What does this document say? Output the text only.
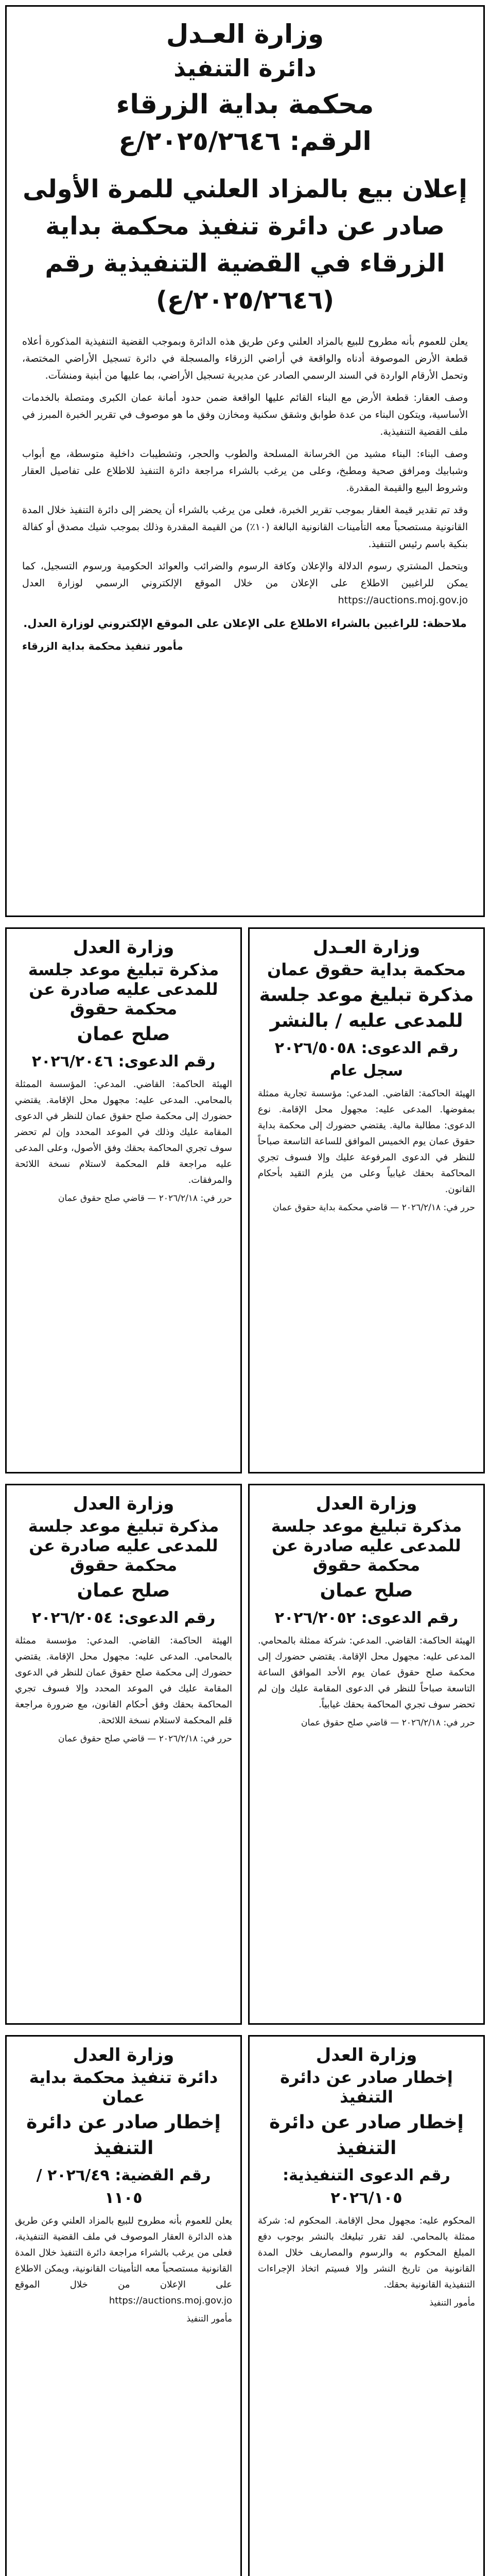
وزارة العـدل
دائرة التنفيذ
محكمة بداية الزرقاء
الرقم: ٢٠٢٥/٢٦٤٦/ع
إعلان بيع بالمزاد العلني للمرة الأولى صادر عن دائرة تنفيذ محكمة بداية الزرقاء في القضية التنفيذية رقم (٢٠٢٥/٢٦٤٦/ع)

يعلن للعموم بأنه مطروح للبيع بالمزاد العلني وعن طريق هذه الدائرة وبموجب القضية التنفيذية المذكورة أعلاه قطعة الأرض الموصوفة أدناه والواقعة في أراضي الزرقاء والمسجلة في دائرة تسجيل الأراضي المختصة، وتحمل الأرقام الواردة في السند الرسمي الصادر عن مديرية تسجيل الأراضي، بما عليها من أبنية ومنشآت.

وصف العقار: قطعة الأرض مع البناء القائم عليها الواقعة ضمن حدود أمانة عمان الكبرى ومتصلة بالخدمات الأساسية، ويتكون البناء من عدة طوابق وشقق سكنية ومخازن وفق ما هو موصوف في تقرير الخبرة المبرز في ملف القضية التنفيذية.

وصف البناء: البناء مشيد من الخرسانة المسلحة والطوب والحجر، وتشطيبات داخلية متوسطة، مع أبواب وشبابيك ومرافق صحية ومطبخ، وعلى من يرغب بالشراء مراجعة دائرة التنفيذ للاطلاع على تفاصيل العقار وشروط البيع والقيمة المقدرة.

وقد تم تقدير قيمة العقار بموجب تقرير الخبرة، فعلى من يرغب بالشراء أن يحضر إلى دائرة التنفيذ خلال المدة القانونية مستصحباً معه التأمينات القانونية البالغة (١٠٪) من القيمة المقدرة وذلك بموجب شيك مصدق أو كفالة بنكية باسم رئيس التنفيذ.

ويتحمل المشتري رسوم الدلالة والإعلان وكافة الرسوم والضرائب والعوائد الحكومية ورسوم التسجيل، كما يمكن للراغبين الاطلاع على الإعلان من خلال الموقع الإلكتروني الرسمي لوزارة العدل https://auctions.moj.gov.jo

ملاحظة: للراغبين بالشراء الاطلاع على الإعلان على الموقع الإلكتروني لوزارة العدل.

مأمور تنفيذ محكمة بداية الزرقاء

وزارة العـدل
محكمة بداية حقوق عمان
مذكرة تبليغ موعد جلسة للمدعى عليه / بالنشر
رقم الدعوى: ٢٠٢٦/٥٠٥٨ سجل عام

الهيئة الحاكمة: القاضي. المدعي: مؤسسة تجارية ممثلة بمفوضها. المدعى عليه: مجهول محل الإقامة. نوع الدعوى: مطالبة مالية. يقتضي حضورك إلى محكمة بداية حقوق عمان يوم الخميس الموافق للساعة التاسعة صباحاً للنظر في الدعوى المرفوعة عليك وإلا فسوف تجري المحاكمة بحقك غيابياً وعلى من يلزم التقيد بأحكام القانون.

حرر في: ٢٠٢٦/٢/١٨ — قاضي محكمة بداية حقوق عمان

وزارة العدل
مذكرة تبليغ موعد جلسة للمدعى عليه صادرة عن محكمة حقوق
صلح عمان
رقم الدعوى: ٢٠٢٦/٢٠٤٦

الهيئة الحاكمة: القاضي. المدعي: المؤسسة الممثلة بالمحامي. المدعى عليه: مجهول محل الإقامة. يقتضي حضورك إلى محكمة صلح حقوق عمان للنظر في الدعوى المقامة عليك وذلك في الموعد المحدد وإن لم تحضر سوف تجري المحاكمة بحقك وفق الأصول، وعلى المدعى عليه مراجعة قلم المحكمة لاستلام نسخة اللائحة والمرفقات.

حرر في: ٢٠٢٦/٢/١٨ — قاضي صلح حقوق عمان

وزارة العدل
مذكرة تبليغ موعد جلسة للمدعى عليه صادرة عن محكمة حقوق
صلح عمان
رقم الدعوى: ٢٠٢٦/٢٠٥٢

الهيئة الحاكمة: القاضي. المدعي: شركة ممثلة بالمحامي. المدعى عليه: مجهول محل الإقامة. يقتضي حضورك إلى محكمة صلح حقوق عمان يوم الأحد الموافق الساعة التاسعة صباحاً للنظر في الدعوى المقامة عليك وإن لم تحضر سوف تجري المحاكمة بحقك غيابياً.

حرر في: ٢٠٢٦/٢/١٨ — قاضي صلح حقوق عمان

وزارة العدل
مذكرة تبليغ موعد جلسة للمدعى عليه صادرة عن محكمة حقوق
صلح عمان
رقم الدعوى: ٢٠٢٦/٢٠٥٤

الهيئة الحاكمة: القاضي. المدعي: مؤسسة ممثلة بالمحامي. المدعى عليه: مجهول محل الإقامة. يقتضي حضورك إلى محكمة صلح حقوق عمان للنظر في الدعوى المقامة عليك في الموعد المحدد وإلا فسوف تجري المحاكمة بحقك وفق أحكام القانون، مع ضرورة مراجعة قلم المحكمة لاستلام نسخة اللائحة.

حرر في: ٢٠٢٦/٢/١٨ — قاضي صلح حقوق عمان

وزارة العدل
إخطار صادر عن دائرة التنفيذ
إخطار صادر عن دائرة التنفيذ
رقم الدعوى التنفيذية: ٢٠٢٦/١٠٥

المحكوم عليه: مجهول محل الإقامة. المحكوم له: شركة ممثلة بالمحامي. لقد تقرر تبليغك بالنشر بوجوب دفع المبلغ المحكوم به والرسوم والمصاريف خلال المدة القانونية من تاريخ النشر وإلا فسيتم اتخاذ الإجراءات التنفيذية القانونية بحقك.

مأمور التنفيذ

وزارة العدل
دائرة تنفيذ محكمة بداية عمان
إخطار صادر عن دائرة التنفيذ
رقم القضية: ٢٠٢٦/٤٩ / ١١٠٥

يعلن للعموم بأنه مطروح للبيع بالمزاد العلني وعن طريق هذه الدائرة العقار الموصوف في ملف القضية التنفيذية، فعلى من يرغب بالشراء مراجعة دائرة التنفيذ خلال المدة القانونية مستصحباً معه التأمينات القانونية، ويمكن الاطلاع على الإعلان من خلال الموقع https://auctions.moj.gov.jo

مأمور التنفيذ
